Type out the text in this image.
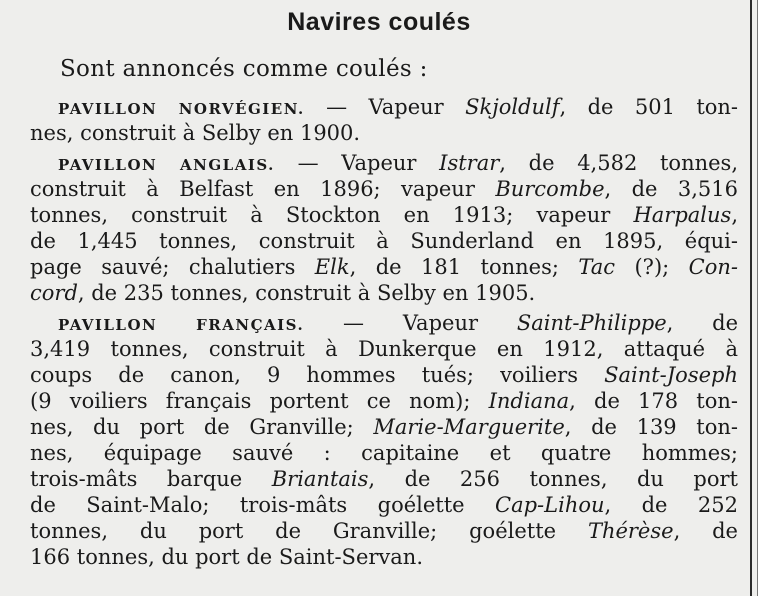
Navires coulés
Sont annoncés comme coulés :
PAVILLON NORVÉGIEN. — Vapeur Skjoldulf, de 501 ton-
nes, construit à Selby en 1900.
PAVILLON ANGLAIS. — Vapeur Istrar, de 4,582 tonnes,
construit à Belfast en 1896; vapeur Burcombe, de 3,516
tonnes, construit à Stockton en 1913; vapeur Harpalus,
de 1,445 tonnes, construit à Sunderland en 1895, équi-
page sauvé; chalutiers Elk, de 181 tonnes; Tac (?); Con-
cord, de 235 tonnes, construit à Selby en 1905.
PAVILLON FRANÇAIS. — Vapeur Saint-Philippe, de
3,419 tonnes, construit à Dunkerque en 1912, attaqué à
coups de canon, 9 hommes tués; voiliers Saint-Joseph
(9 voiliers français portent ce nom); Indiana, de 178 ton-
nes, du port de Granville; Marie-Marguerite, de 139 ton-
nes, équipage sauvé : capitaine et quatre hommes;
trois-mâts barque Briantais, de 256 tonnes, du port
de Saint-Malo; trois-mâts goélette Cap-Lihou, de 252
tonnes, du port de Granville; goélette Thérèse, de
166 tonnes, du port de Saint-Servan.
